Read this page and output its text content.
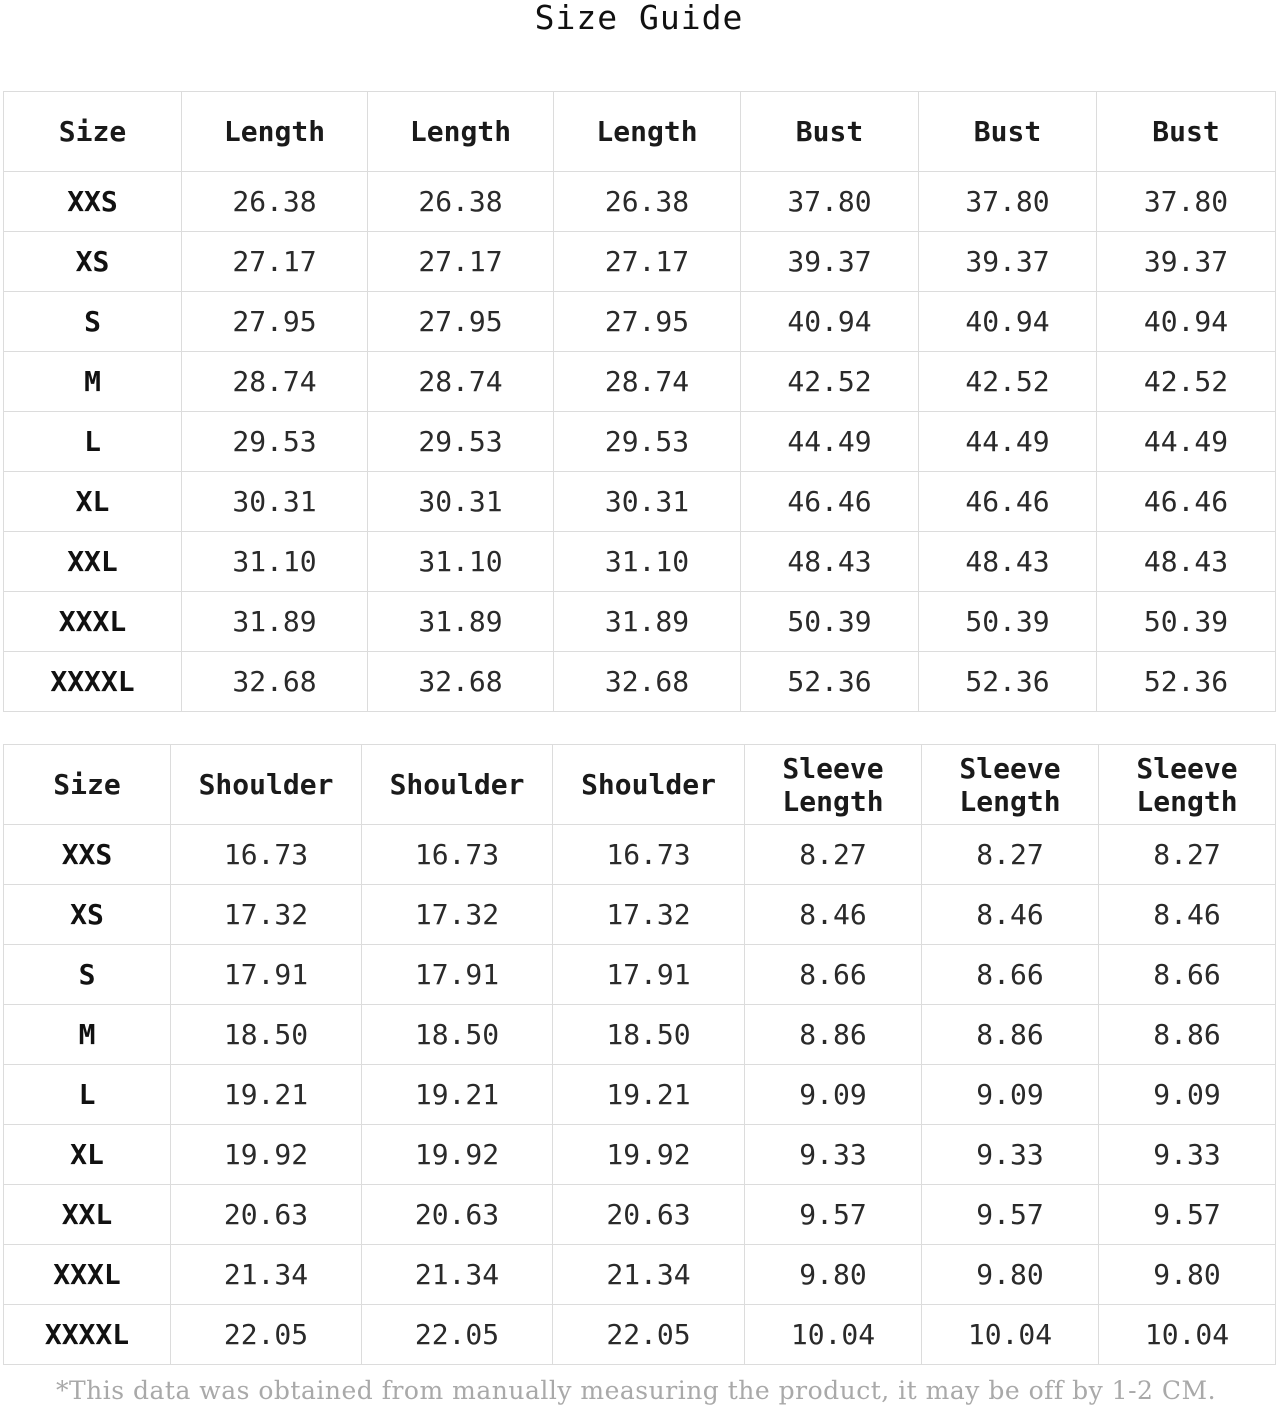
Size Guide
Size	Length	Length	Length	Bust	Bust	Bust
XXS	26.38	26.38	26.38	37.80	37.80	37.80
XS	27.17	27.17	27.17	39.37	39.37	39.37
S	27.95	27.95	27.95	40.94	40.94	40.94
M	28.74	28.74	28.74	42.52	42.52	42.52
L	29.53	29.53	29.53	44.49	44.49	44.49
XL	30.31	30.31	30.31	46.46	46.46	46.46
XXL	31.10	31.10	31.10	48.43	48.43	48.43
XXXL	31.89	31.89	31.89	50.39	50.39	50.39
XXXXL	32.68	32.68	32.68	52.36	52.36	52.36
Size	Shoulder	Shoulder	Shoulder	Sleeve Length	Sleeve Length	Sleeve Length
XXS	16.73	16.73	16.73	8.27	8.27	8.27
XS	17.32	17.32	17.32	8.46	8.46	8.46
S	17.91	17.91	17.91	8.66	8.66	8.66
M	18.50	18.50	18.50	8.86	8.86	8.86
L	19.21	19.21	19.21	9.09	9.09	9.09
XL	19.92	19.92	19.92	9.33	9.33	9.33
XXL	20.63	20.63	20.63	9.57	9.57	9.57
XXXL	21.34	21.34	21.34	9.80	9.80	9.80
XXXXL	22.05	22.05	22.05	10.04	10.04	10.04
*This data was obtained from manually measuring the product, it may be off by 1-2 CM.
